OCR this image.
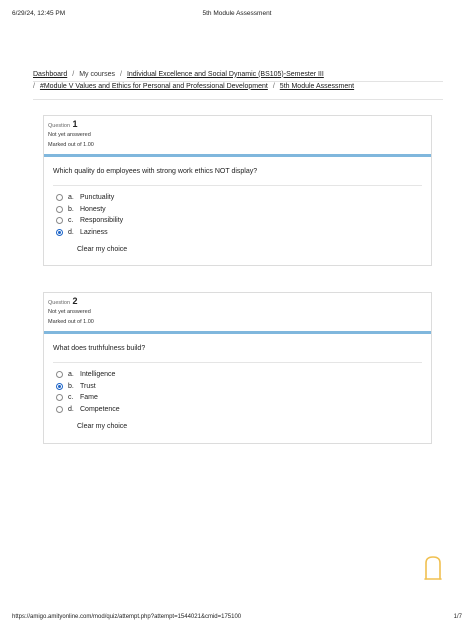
6/29/24, 12:45 PM	5th Module Assessment
Dashboard / My courses / Individual Excellence and Social Dynamic (BS105)-Semester III
/ #Module V Values and Ethics for Personal and Professional Development / 5th Module Assessment
Question 1
Not yet answered
Marked out of 1.00
Which quality do employees with strong work ethics NOT display?
a. Punctuality
b. Honesty
c. Responsibility
d. Laziness
Clear my choice
Question 2
Not yet answered
Marked out of 1.00
What does truthfulness build?
a. Intelligence
b. Trust
c. Fame
d. Competence
Clear my choice
https://amigo.amityonline.com/mod/quiz/attempt.php?attempt=1544021&cmid=175100	1/7
